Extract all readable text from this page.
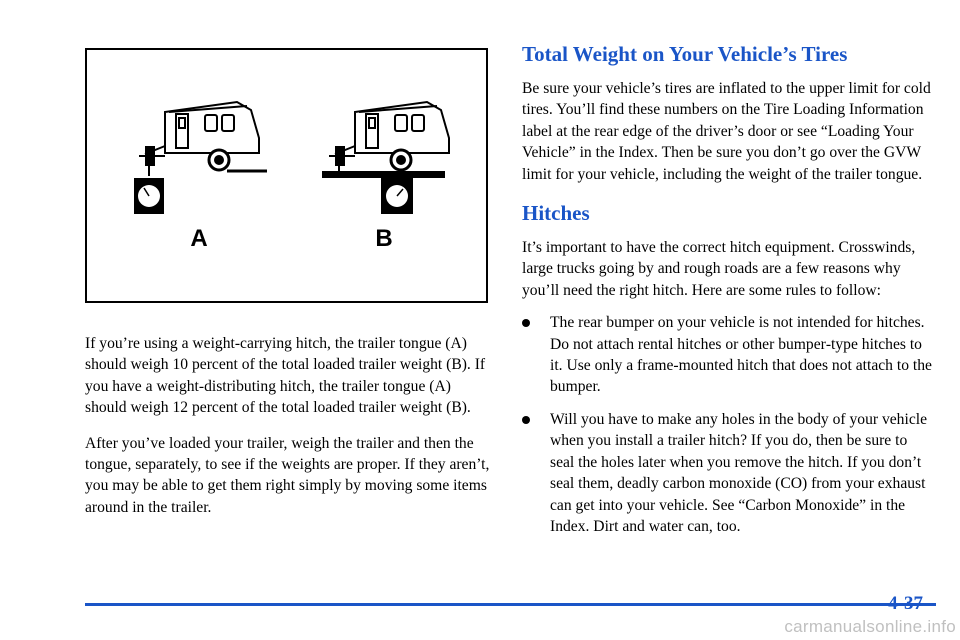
A	B

If you’re using a weight‑carrying hitch, the trailer tongue (A) should weigh 10 percent of the total loaded trailer weight (B). If you have a weight‑distributing hitch, the trailer tongue (A) should weigh 12 percent of the total loaded trailer weight (B).

After you’ve loaded your trailer, weigh the trailer and then the tongue, separately, to see if the weights are proper. If they aren’t, you may be able to get them right simply by moving some items around in the trailer.

Total Weight on Your Vehicle’s Tires

Be sure your vehicle’s tires are inflated to the upper limit for cold tires. You’ll find these numbers on the Tire Loading Information label at the rear edge of the driver’s door or see “Loading Your Vehicle” in the Index. Then be sure you don’t go over the GVW limit for your vehicle, including the weight of the trailer tongue.

Hitches

It’s important to have the correct hitch equipment. Crosswinds, large trucks going by and rough roads are a few reasons why you’ll need the right hitch. Here are some rules to follow:

The rear bumper on your vehicle is not intended for hitches. Do not attach rental hitches or other bumper‑type hitches to it. Use only a frame‑mounted hitch that does not attach to the bumper.
Will you have to make any holes in the body of your vehicle when you install a trailer hitch? If you do, then be sure to seal the holes later when you remove the hitch. If you don’t seal them, deadly carbon monoxide (CO) from your exhaust can get into your vehicle. See “Carbon Monoxide” in the Index. Dirt and water can, too.
4-37
carmanualsonline.info
